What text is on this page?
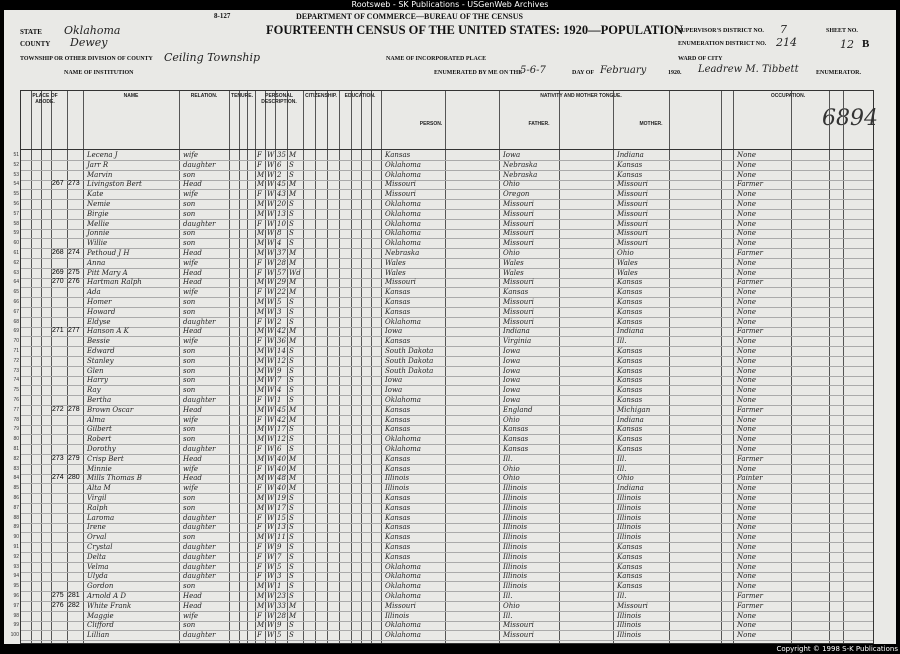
Rootsweb - SK Publications - USGenWeb Archives
8-127	DEPARTMENT OF COMMERCE—BUREAU OF THE CENSUS
FOURTEENTH CENSUS OF THE UNITED STATES: 1920—POPULATION
STATE Oklahoma
COUNTY Dewey
TOWNSHIP OR OTHER DIVISION OF COUNTY Ceiling Township
NAME OF INSTITUTION
NAME OF INCORPORATED PLACE
ENUMERATED BY ME ON THE
5-6-7	DAY OF February	1920. Leadrew M. Tibbett	ENUMERATOR.
SUPERVISOR'S DISTRICT NO. 7
ENUMERATION DISTRICT NO. 214
WARD OF CITY
SHEET NO.
12 B
6894
PLACE OF ABODE.
NAME	RELATION.	TENURE.	PERSONAL DESCRIPTION.
CITIZENSHIP.	EDUCATION.	NATIVITY AND MOTHER TONGUE.
PERSON.	FATHER.	MOTHER.
OCCUPATION.
51	Lecena J	wife	F W 35 M	Kansas	Iowa	Indiana	None
52	Jarr R	daughter	F W 6 S	Oklahoma	Nebraska	Kansas	None
53	Marvin	son	M W 2 S	Oklahoma	Nebraska	Kansas	None
54	267 273 Livingston Bert	Head	M W 45 M	Missouri	Ohio	Missouri	Farmer
55	Kate	wife	F W 43 M	Missouri	Oregon	Missouri	None
56	Nemie	son	M W 20 S	Oklahoma	Missouri	Missouri	None
57	Birgie	son	M W 13 S	Oklahoma	Missouri	Missouri	None
58	Mellie	daughter	F W 10 S	Oklahoma	Missouri	Missouri	None
59	Jonnie	son	M W 8 S	Oklahoma	Missouri	Missouri	None
60	Willie	son	M W 4 S	Oklahoma	Missouri	Missouri	None
61	268 274 Pethoud J H	Head	M W 37 M	Nebraska	Ohio	Ohio	Farmer
62	Anna	wife	F W 28 M	Wales	Wales	Wales	None
63	269 275 Pitt Mary A	Head	F W 57 Wd	Wales	Wales	Wales	None
64	270 276 Hartman Ralph	Head	M W 29 M	Missouri	Missouri	Kansas	Farmer
65	Ada	wife	F W 22 M	Kansas	Kansas	Kansas	None
66	Homer	son	M W 5 S	Kansas	Missouri	Kansas	None
67	Howard	son	M W 3 S	Kansas	Missouri	Kansas	None
68	Eldyse	daughter	F W 2 S	Oklahoma	Missouri	Kansas	None
69	271 277 Hanson A K	Head	M W 42 M	Iowa	Indiana	Indiana	Farmer
70	Bessie	wife	F W 36 M	Kansas	Virginia	Ill.	None
71	Edward	son	M W 14 S	South Dakota	Iowa	Kansas	None
72	Stanley	son	M W 12 S	South Dakota	Iowa	Kansas	None
73	Glen	son	M W 9 S	South Dakota	Iowa	Kansas	None
74	Harry	son	M W 7 S	Iowa	Iowa	Kansas	None
75	Ray	son	M W 4 S	Iowa	Iowa	Kansas	None
76	Bertha	daughter	F W 1 S	Oklahoma	Iowa	Kansas	None
77	272 278 Brown Oscar	Head	M W 45 M	Kansas	England	Michigan	Farmer
78	Alma	wife	F W 42 M	Kansas	Ohio	Indiana	None
79	Gilbert	son	M W 17 S	Kansas	Kansas	Kansas	None
80	Robert	son	M W 12 S	Oklahoma	Kansas	Kansas	None
81	Dorothy	daughter	F W 6 S	Oklahoma	Kansas	Kansas	None
82	273 279 Crisp Bert	Head	M W 40 M	Kansas	Ill.	Ill.	Farmer
83	Minnie	wife	F W 40 M	Kansas	Ohio	Ill.	None
84	274 280 Mills Thomas B	Head	M W 48 M	Illinois	Ohio	Ohio	Painter
85	Alta M	wife	F W 40 M	Illinois	Illinois	Indiana	None
86	Virgil	son	M W 19 S	Kansas	Illinois	Illinois	None
87	Ralph	son	M W 17 S	Kansas	Illinois	Illinois	None
88	Laroma	daughter	F W 15 S	Kansas	Illinois	Illinois	None
89	Irene	daughter	F W 13 S	Kansas	Illinois	Illinois	None
90	Orval	son	M W 11 S	Kansas	Illinois	Illinois	None
91	Crystal	daughter	F W 9 S	Kansas	Illinois	Kansas	None
92	Delta	daughter	F W 7 S	Kansas	Illinois	Kansas	None
93	Velma	daughter	F W 5 S	Oklahoma	Illinois	Kansas	None
94	Ulyda	daughter	F W 3 S	Oklahoma	Illinois	Kansas	None
95	Gordon	son	M W 1 S	Oklahoma	Illinois	Kansas	None
96	275 281 Arnold A D	Head	M W 23 S	Oklahoma	Ill.	Ill.	Farmer
97	276 282 White Frank	Head	M W 33 M	Missouri	Ohio	Missouri	Farmer
98	Maggie	wife	F W 28 M	Illinois	Ill.	Illinois	None
99	Clifford	son	M W 9 S	Oklahoma	Missouri	Illinois	None
100	Lillian	daughter	F W 5 S	Oklahoma	Missouri	Illinois	None
Copyright © 1998 S-K Publications
